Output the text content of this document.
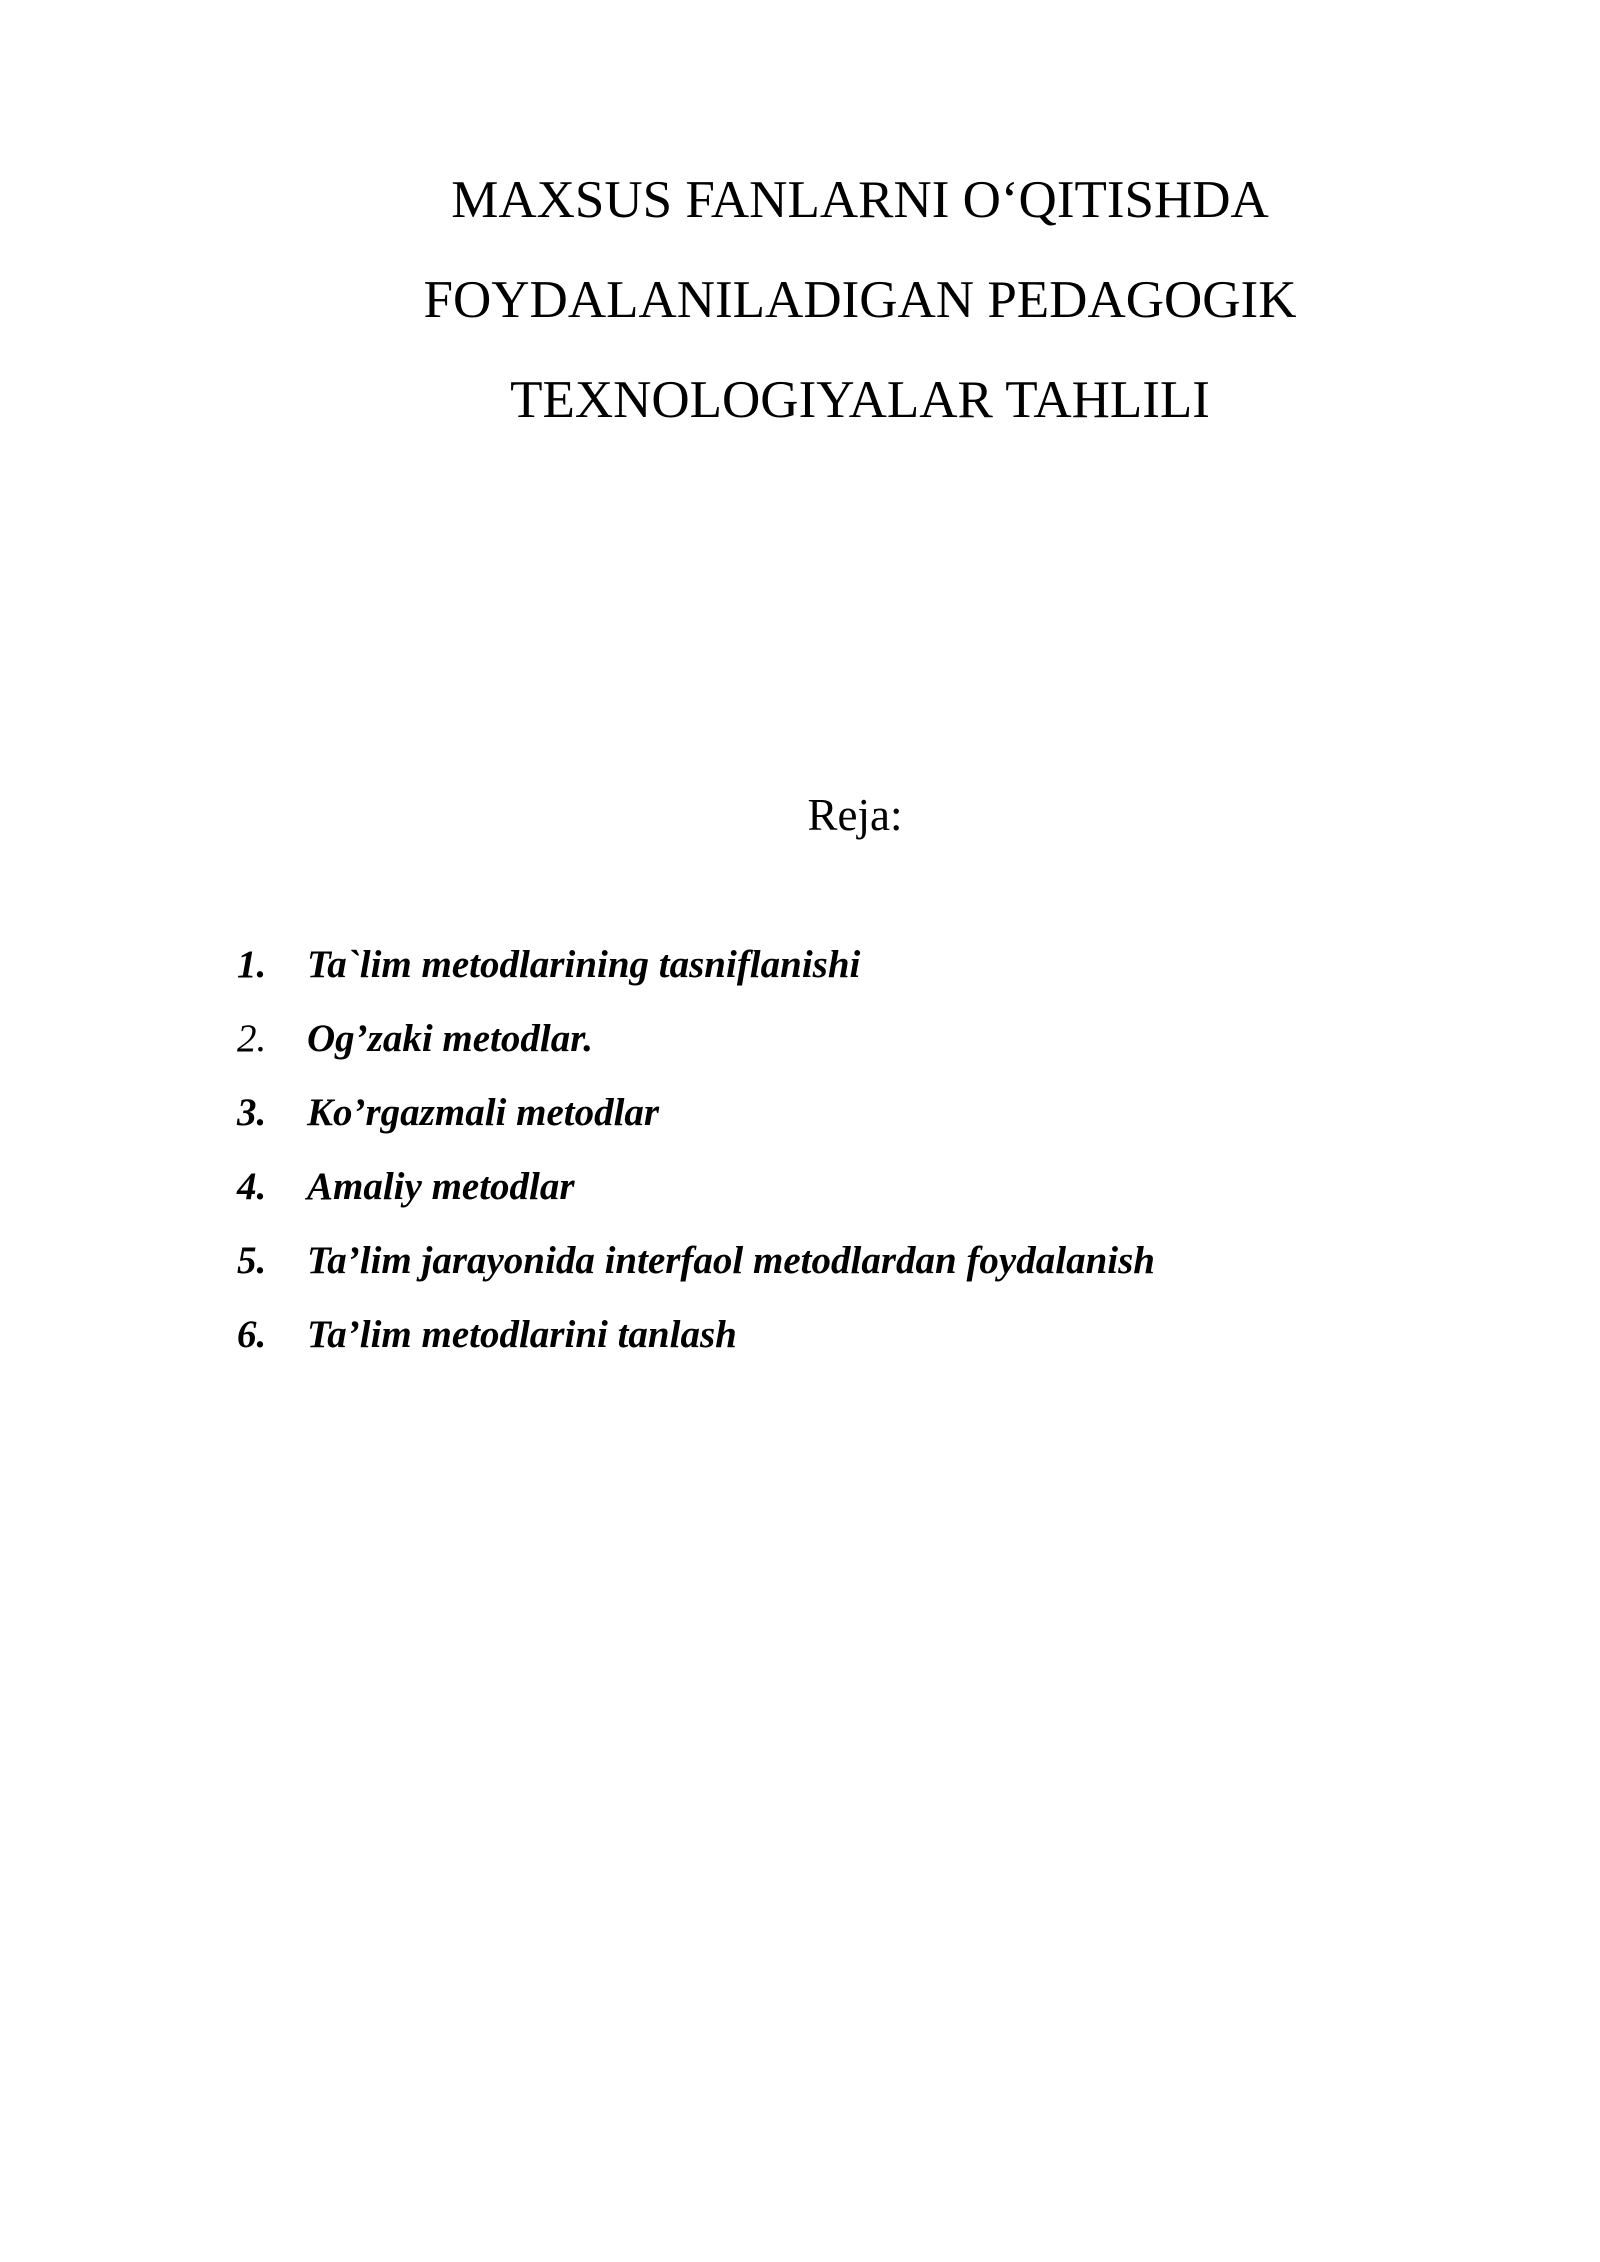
MAXSUS FANLARNI O‘QITISHDA
FOYDALANILADIGAN PEDAGOGIK
TEXNOLOGIYALAR TAHLILI
Reja:
1.	Ta`lim metodlarining tasniflanishi
2.	Og’zaki metodlar.
3.	Ko’rgazmali metodlar
4.	Amaliy metodlar
5.	Ta’lim jarayonida interfaol metodlardan foydalanish
6.	Ta’lim metodlarini tanlash
